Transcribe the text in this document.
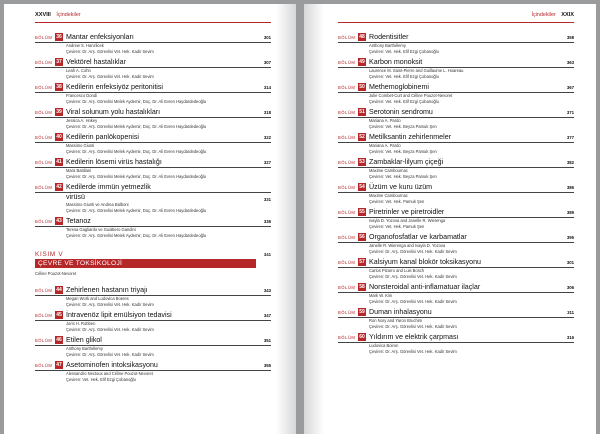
XXVIII İçindekiler
BÖLÜM 36 Mantar enfeksiyonları	301
Andrew S. Hanzlicek
Çeviren: Dr. Arş. Görevlisi Vet. Hek. Kadir Sevim
BÖLÜM 37 Vektörel hastalıklar	307
Leah A. Cohn
Çeviren: Dr. Arş. Görevlisi Vet. Hek. Kadir Sevim
BÖLÜM 38 Kedilerin enfeksiyöz peritonitisi	314
Francesco Dondi
Çeviren: Dr. Arş. Görevlisi Melek Aydemir, Doç. Dr. Ali Evren Haydardedeoğlu
BÖLÜM 39 Viral solunum yolu hastalıkları	318
Jessica A. Hokey
Çeviren: Dr. Arş. Görevlisi Melek Aydemir, Doç. Dr. Ali Evren Haydardedeoğlu
BÖLÜM 40 Kedilerin panlökopenisi	322
Massimo Giunti
Çeviren: Dr. Arş. Görevlisi Melek Aydemir, Doç. Dr. Ali Evren Haydardedeoğlu
BÖLÜM 41 Kedilerin lösemi virüs hastalığı	327
Mara Battilani
Çeviren: Dr. Arş. Görevlisi Melek Aydemir, Doç. Dr. Ali Evren Haydardedeoğlu
BÖLÜM 42 Kedilerde immün yetmezlik
virüsü	331
Massimo Giunti ve Andrea Balboni
Çeviren: Dr. Arş. Görevlisi Melek Aydemir, Doç. Dr. Ali Evren Haydardedeoğlu
BÖLÜM 43 Tetanoz	336
Teresa Gagliardo ve Gualtiero Gandini
Çeviren: Dr. Arş. Görevlisi Melek Aydemir, Doç. Dr. Ali Evren Haydardedeoğlu
KISIM V	341
ÇEVRE VE TOKSİKOLOJİ
Céline Pouzot-Nevoret
BÖLÜM 44 Zehirlenen hastanın triyajı	343
Megan Work and Ludovica Boeres
Çeviren: Dr. Arş. Görevlisi Vet. Hek. Kadir Sevim
BÖLÜM 45 İntravenöz lipit emülsiyon tedavisi	347
Joris H. Robben
Çeviren: Dr. Arş. Görevlisi Vet. Hek. Kadir Sevim
BÖLÜM 46 Etilen glikol	351
Anthony Barthélemy
Çeviren: Dr. Arş. Görevlisi Vet. Hek. Kadir Sevim
BÖLÜM 47 Asetominofen intoksikasyonu	355
Alessandro Nectoux and Céline Pouzot-Nevoret
Çeviren: Vet. Hek. Elif Ezgi Çobanoğlu
İçindekiler XXIX
BÖLÜM 48 Rodentisitler	358
Anthony Barthélemy
Çeviren: Vet. Hek. Elif Ezgi Çobanoğlu
BÖLÜM 49 Karbon monoksit	363
Laurence M. Saint-Pierre and Guillaume L. Hoareau
Çeviren: Vet. Hek. Elif Ezgi Çobanoğlu
BÖLÜM 50 Methemoglobinemi	367
Julie Combet-Curt and Céline Pouzot-Nevoret
Çeviren: Vet. Hek. Elif Ezgi Çobanoğlu
BÖLÜM 51 Serotonin sendromu	371
Mariana A. Pardo
Çeviren: Vet. Hek. Beyza Pamuk Şen
BÖLÜM 52 Metilksantin zehirlenmeler	377
Mariana A. Pardo
Çeviren: Vet. Hek. Beyza Pamuk Şen
BÖLÜM 53 Zambaklar-lilyum çiçeği	382
Maxime Cambournac
Çeviren: Vet. Hek. Beyza Pamuk Şen
BÖLÜM 54 Üzüm ve kuru üzüm	386
Maxime Cambournac
Çeviren: Vet. Hek. Pamuk Şen
BÖLÜM 55 Piretrinler ve piretroidler	389
Ivayla D. Yozova and Janelle R. Wierenga
Çeviren: Vet. Hek. Pamuk Şen
BÖLÜM 56 Organofosfatlar ve karbamatlar	395
Janelle R. Wierenga and Ivayla D. Yozova
Çeviren: Dr. Arş. Görevlisi Vet. Hek. Kadir Sevim
BÖLÜM 57 Kalsiyum kanal blokör toksikasyonu	301
Carlos Pizarro and Luis Bosch
Çeviren: Dr. Arş. Görevlisi Vet. Hek. Kadir Sevim
BÖLÜM 58 Nonsteroidal anti-inflamatuar ilaçlar	306
Mark W. Kim
Çeviren: Dr. Arş. Görevlisi Vet. Hek. Kadir Sevim
BÖLÜM 59 Duman inhalasyonu	311
Ron Nory and Yaron Bruchim
Çeviren: Dr. Arş. Görevlisi Vet. Hek. Kadir Sevim
BÖLÜM 60 Yıldırım ve elektrik çarpması	316
Ludovica Boiron
Çeviren: Dr. Arş. Görevlisi Vet. Hek. Kadir Sevim
